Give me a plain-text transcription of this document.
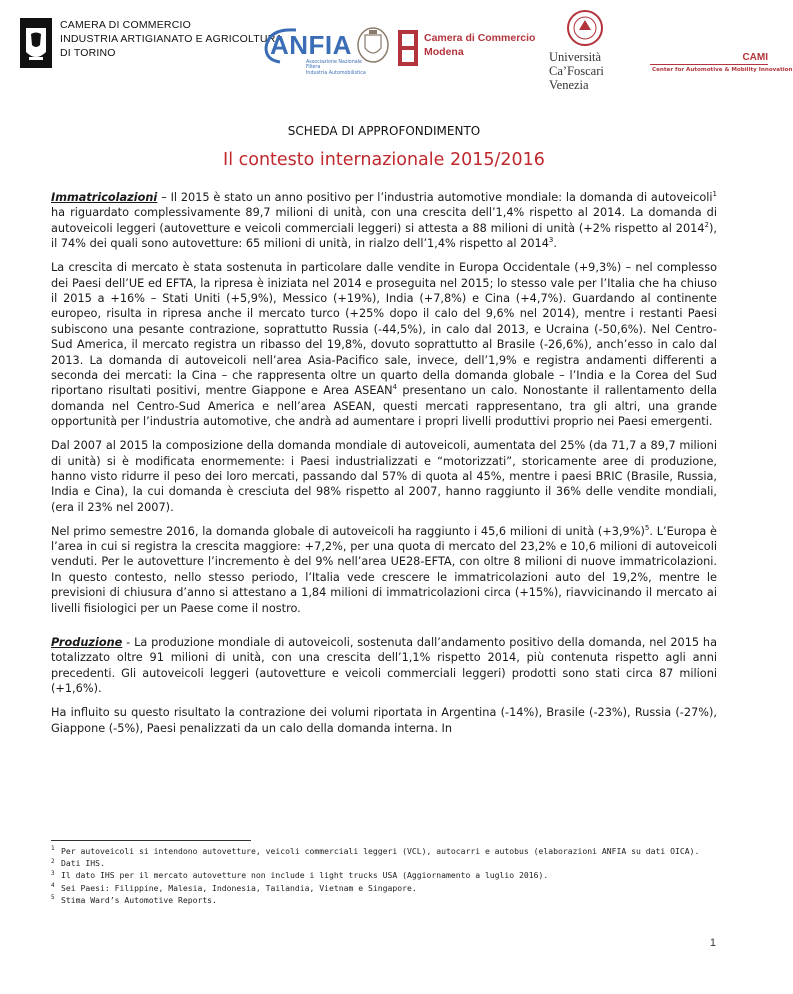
CAMERA DI COMMERCIO
INDUSTRIA ARTIGIANATO E AGRICOLTURA
DI TORINO	ANFIA
Associazione Nazionale
Filiera
Industria Automobilistica
Camera di Commercio
Modena	Università
Ca’Foscari
Venezia
CAMI
Center for Automotive & Mobility Innovation
SCHEDA DI APPROFONDIMENTO
Il contesto internazionale 2015/2016

Immatricolazioni – Il 2015 è stato un anno positivo per l’industria automotive mondiale: la domanda di autoveicoli$^1$ ha riguardato complessivamente 89,7 milioni di unità, con una crescita dell’1,4% rispetto al 2014. La domanda di autoveicoli leggeri (autovetture e veicoli commerciali leggeri) si attesta a 88 milioni di unità (+2% rispetto al 2014$^2$), il 74% dei quali sono autovetture: 65 milioni di unità, in rialzo dell’1,4% rispetto al 2014$^3$.

La crescita di mercato è stata sostenuta in particolare dalle vendite in Europa Occidentale (+9,3%) – nel complesso dei Paesi dell’UE ed EFTA, la ripresa è iniziata nel 2014 e proseguita nel 2015; lo stesso vale per l’Italia che ha chiuso il 2015 a +16% – Stati Uniti (+5,9%), Messico (+19%), India (+7,8%) e Cina (+4,7%). Guardando al continente europeo, risulta in ripresa anche il mercato turco (+25% dopo il calo del 9,6% nel 2014), mentre i restanti Paesi subiscono una pesante contrazione, soprattutto Russia (-44,5%), in calo dal 2013, e Ucraina (-50,6%). Nel Centro-Sud America, il mercato registra un ribasso del 19,8%, dovuto soprattutto al Brasile (-26,6%), anch’esso in calo dal 2013. La domanda di autoveicoli nell’area Asia-Pacifico sale, invece, dell’1,9% e registra andamenti differenti a seconda dei mercati: la Cina – che rappresenta oltre un quarto della domanda globale – l’India e la Corea del Sud riportano risultati positivi, mentre Giappone e Area ASEAN$^4$ presentano un calo. Nonostante il rallentamento della domanda nel Centro-Sud America e nell’area ASEAN, questi mercati rappresentano, tra gli altri, una grande opportunità per l’industria automotive, che andrà ad aumentare i propri livelli produttivi proprio nei Paesi emergenti.

Dal 2007 al 2015 la composizione della domanda mondiale di autoveicoli, aumentata del 25% (da 71,7 a 89,7 milioni di unità) si è modificata enormemente: i Paesi industrializzati e “motorizzati”, storicamente aree di produzione, hanno visto ridurre il peso dei loro mercati, passando dal 57% di quota al 45%, mentre i paesi BRIC (Brasile, Russia, India e Cina), la cui domanda è cresciuta del 98% rispetto al 2007, hanno raggiunto il 36% delle vendite mondiali, (era il 23% nel 2007).

Nel primo semestre 2016, la domanda globale di autoveicoli ha raggiunto i 45,6 milioni di unità $(+3,9\%)^5$. L’Europa è l’area in cui si registra la crescita maggiore: +7,2%, per una quota di mercato del 23,2% e 10,6 milioni di autoveicoli venduti. Per le autovetture l’incremento è del 9% nell’area UE28-EFTA, con oltre 8 milioni di nuove immatricolazioni. In questo contesto, nello stesso periodo, l’Italia vede crescere le immatricolazioni auto del 19,2%, mentre le previsioni di chiusura d’anno si attestano a 1,84 milioni di immatricolazioni circa (+15%), riavvicinando il mercato ai livelli fisiologici per un Paese come il nostro.

Produzione - La produzione mondiale di autoveicoli, sostenuta dall’andamento positivo della domanda, nel 2015 ha totalizzato oltre 91 milioni di unità, con una crescita dell’1,1% rispetto 2014, più contenuta rispetto agli anni precedenti. Gli autoveicoli leggeri (autovetture e veicoli commerciali leggeri) prodotti sono stati circa 87 milioni (+1,6%).

Ha influito su questo risultato la contrazione dei volumi riportata in Argentina (-14%), Brasile (-23%), Russia (-27%), Giappone (-5%), Paesi penalizzati da un calo della domanda interna. In

1 Per autoveicoli si intendono autovetture, veicoli commerciali leggeri (VCL), autocarri e autobus (elaborazioni ANFIA su dati OICA).
2 Dati IHS.
3 Il dato IHS per il mercato autovetture non include i light trucks USA (Aggiornamento a luglio 2016).
4 Sei Paesi: Filippine, Malesia, Indonesia, Tailandia, Vietnam e Singapore.
5 Stima Ward’s Automotive Reports.
1
